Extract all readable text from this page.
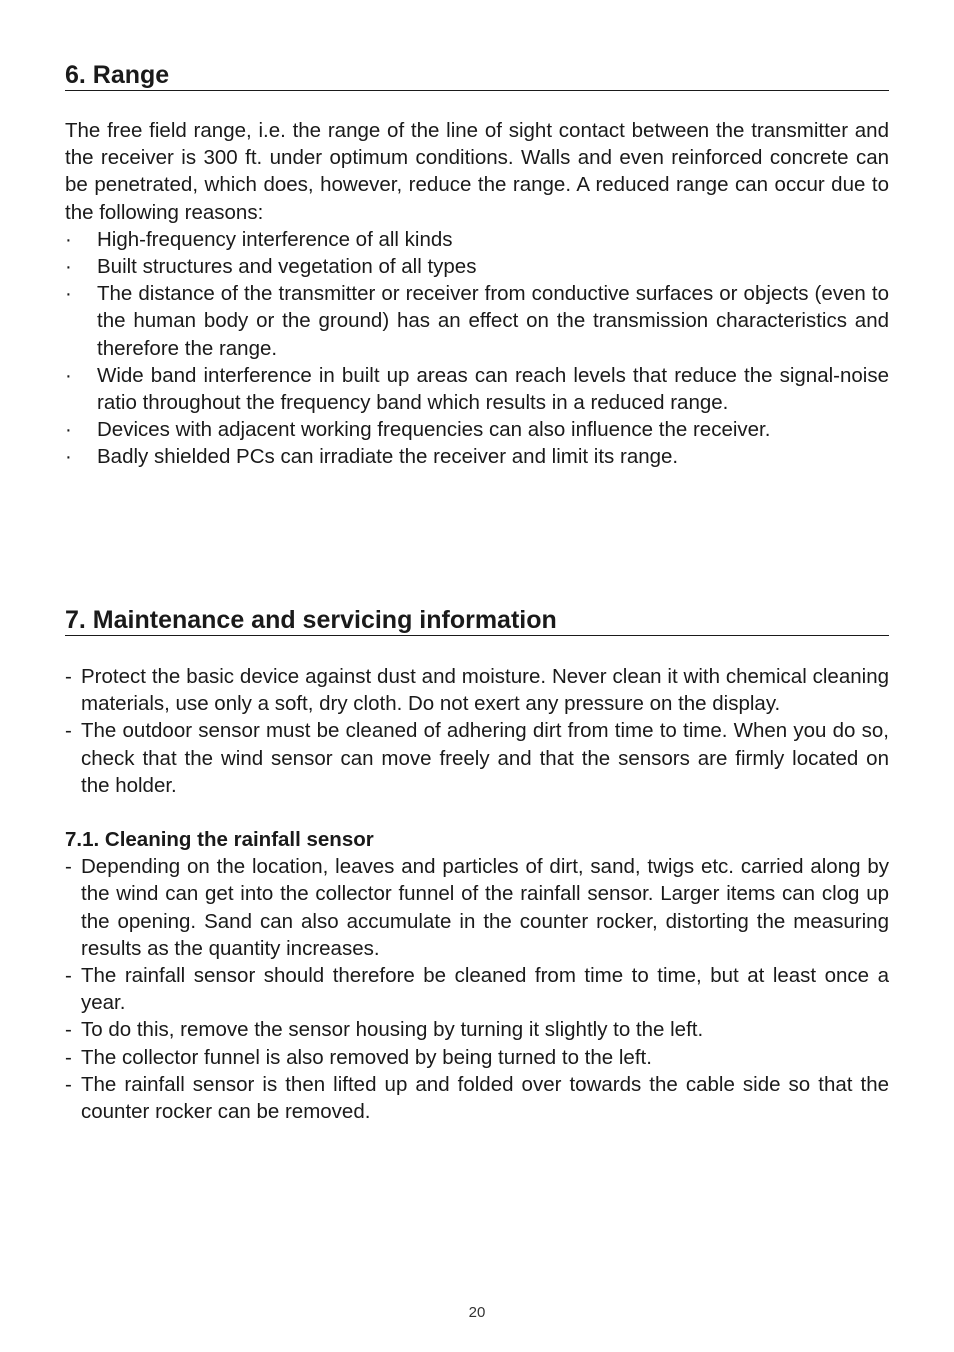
6. Range

The free field range, i.e. the range of the line of sight contact between the transmitter and the receiver is 300 ft. under optimum conditions. Walls and even reinforced concrete can be penetrated, which does, however, reduce the range. A reduced range can occur due to the following reasons:

· High-frequency interference of all kinds
· Built structures and vegetation of all types
· The distance of the transmitter or receiver from conductive surfaces or objects (even to the human body or the ground) has an effect on the transmission characteristics and therefore the range.
· Wide band interference in built up areas can reach levels that reduce the signal-noise ratio throughout the frequency band which results in a reduced range.
· Devices with adjacent working frequencies can also influence the receiver.
· Badly shielded PCs can irradiate the receiver and limit its range.
7. Maintenance and servicing information
- Protect the basic device against dust and moisture. Never clean it with chemical cleaning materials, use only a soft, dry cloth. Do not exert any pressure on the display.
- The outdoor sensor must be cleaned of adhering dirt from time to time. When you do so, check that the wind sensor can move freely and that the sensors are firmly located on the holder.

7.1. Cleaning the rainfall sensor

- Depending on the location, leaves and particles of dirt, sand, twigs etc. carried along by the wind can get into the collector funnel of the rainfall sensor. Larger items can clog up the opening. Sand can also accumulate in the counter rocker, distorting the measuring results as the quantity increases.
- The rainfall sensor should therefore be cleaned from time to time, but at least once a year.
- To do this, remove the sensor housing by turning it slightly to the left.
- The collector funnel is also removed by being turned to the left.
- The rainfall sensor is then lifted up and folded over towards the cable side so that the counter rocker can be removed.
20
